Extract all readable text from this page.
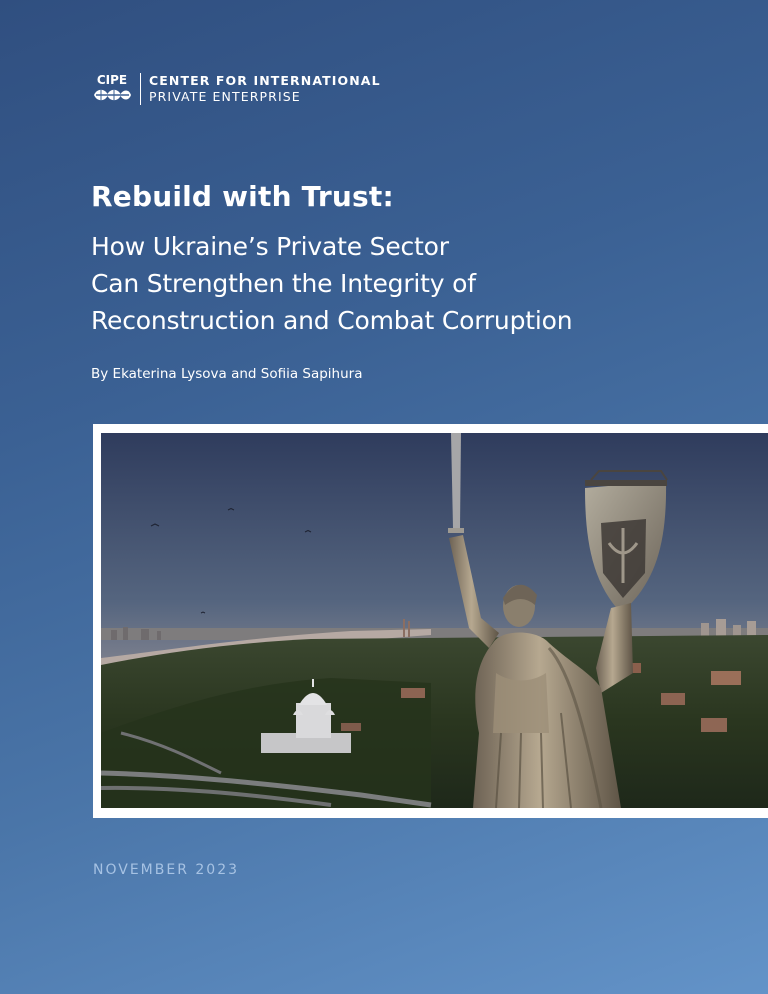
CIPE CENTER FOR INTERNATIONAL
PRIVATE ENTERPRISE
Rebuild with Trust:
How Ukraine’s Private Sector
Can Strengthen the Integrity of
Reconstruction and Combat Corruption
By Ekaterina Lysova and Sofiia Sapihura
NOVEMBER 2023
